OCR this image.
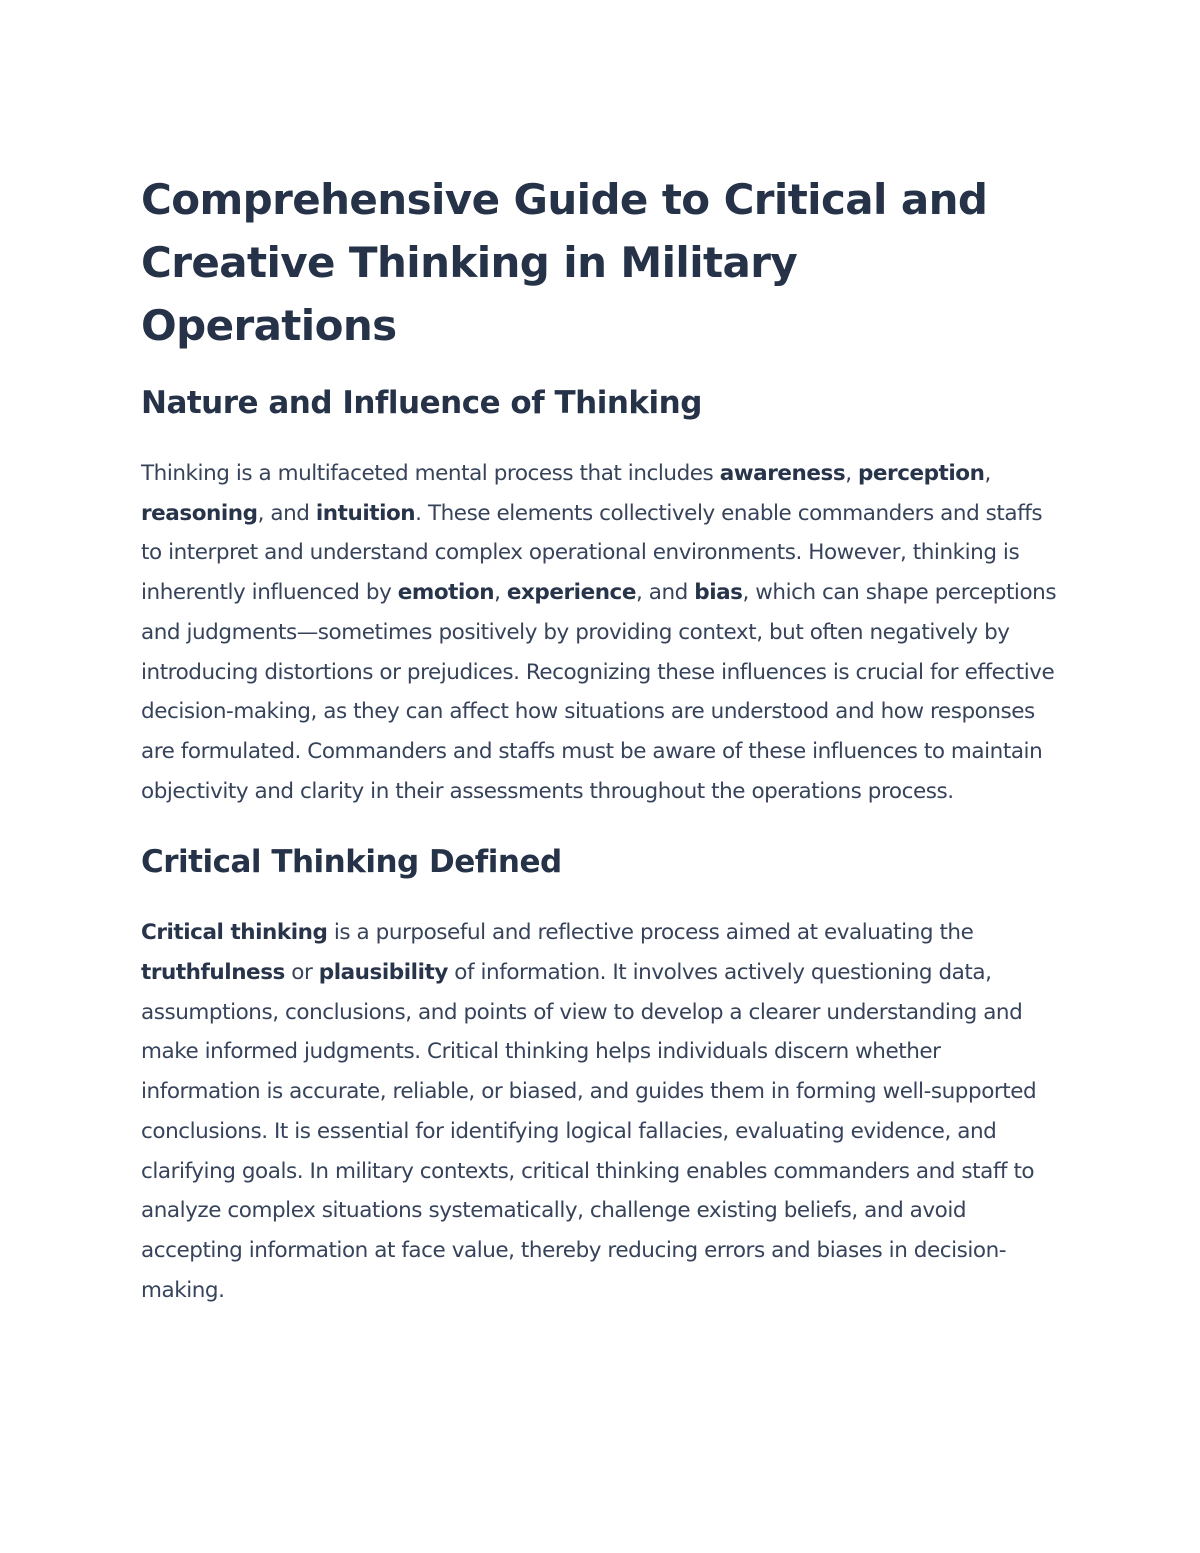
Comprehensive Guide to Critical and Creative Thinking in Military Operations
Nature and Influence of Thinking

Thinking is a multifaceted mental process that includes awareness, perception, reasoning, and intuition. These elements collectively enable commanders and staffs to interpret and understand complex operational environments. However, thinking is inherently influenced by emotion, experience, and bias, which can shape perceptions and judgments—sometimes positively by providing context, but often negatively by introducing distortions or prejudices. Recognizing these influences is crucial for effective decision-making, as they can affect how situations are understood and how responses are formulated. Commanders and staffs must be aware of these influences to maintain objectivity and clarity in their assessments throughout the operations process.

Critical Thinking Defined

Critical thinking is a purposeful and reflective process aimed at evaluating the truthfulness or plausibility of information. It involves actively questioning data, assumptions, conclusions, and points of view to develop a clearer understanding and make informed judgments. Critical thinking helps individuals discern whether information is accurate, reliable, or biased, and guides them in forming well-supported conclusions. It is essential for identifying logical fallacies, evaluating evidence, and clarifying goals. In military contexts, critical thinking enables commanders and staff to analyze complex situations systematically, challenge existing beliefs, and avoid accepting information at face value, thereby reducing errors and biases in decision-making.
